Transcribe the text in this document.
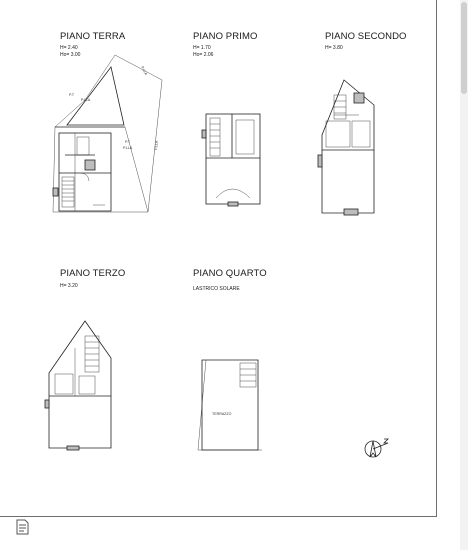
PIANO TERRA
H= 2.40
Ho= 3.00
PIANO PRIMO
H= 1.70
Ho= 2.06
PIANO SECONDO
H= 3.80
PIANO TERZO
H= 3.20
PIANO QUARTO
LASTRICO SOLARE
P.T
P.LLA
P.T
P.LLA
P.LLA
P.LLA
TERRAZZO
